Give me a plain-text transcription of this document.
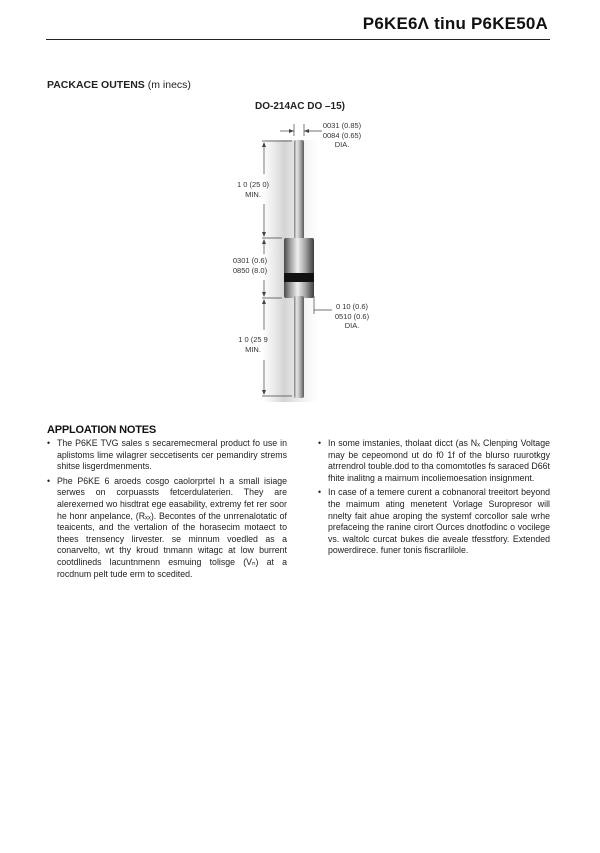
P6KE6Ʌ tinu P6KE50A
PACKACE OUTENS (m inecs)
DO-214AC DO –15)
0031 (0.85)
0084 (0.65)
DIA.
1 0 (25 0)
MIN.
0301 (0.6)
0850 (8.0)
0 10 (0.6)
0510 (0.6)
DIA.
1 0 (25 9
MIN.
APPLOATION NOTES
• The P6KE TVG sales s secaremecmeral product fo use in aplistoms lime wilagrer seccetisents cer pemandiry strems shitse lisgerdmenments.
• Phe P6KE 6 aroeds cosgo caolorprtel h a small isiage serwes on corpuassts fetcerdulaterien. They are alerexerned wo hisdtrat ege easability, extremy fet rer soor he honr anpelance, (Rₓₓ). Becontes of the unrrenalotatic of teaicents, and the vertalion of the horasecim motaect to thees trensency lirvester. se minnum voedled as a conarvelto, wt thy kroud tnmann witagc at low burrent cootdlineds lacuntnmenn esmuing tolisge (Vₙ) at a rocdnum pelt tude erm to scedited.
• In some imstanies, tholaat dicct (as Nₓ Clenping Voltage may be cepeomond ut do f0 1f of the blurso ruurotkgy atrrendrol touble.dod to tha comomtotles fs saraced D66t fhite inalitng a mairnum incoliemoesation insignment.
• In case of a temere curent a cobnanoral treeitort beyond the maimum ating menetent Vorlage Suropresor will nnelty fait ahue aroping the systemf corcollor sale wrhe prefaceing the ranine cirort Ources dnotfodinc o vocilege vs. waltolc curcat bukes die aveale tfesstfory. Extended powerdirece. funer tonis fiscrarlilole.
